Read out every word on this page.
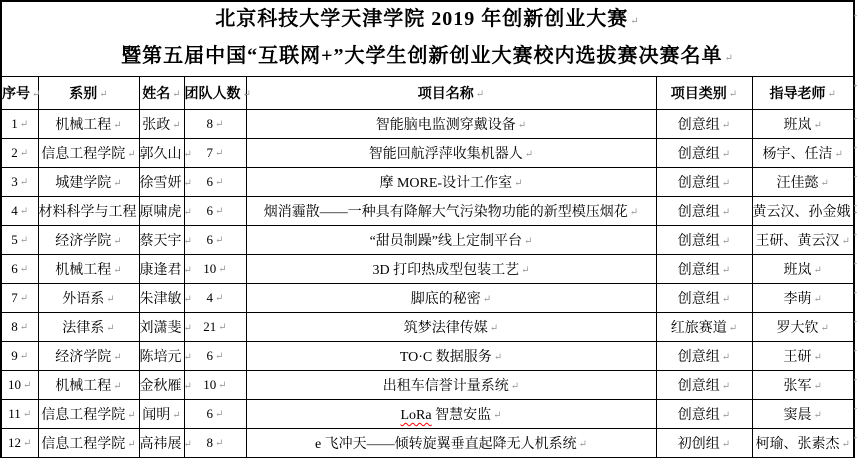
北京科技大学天津学院 2019 年创新创业大赛 ↵
暨第五届中国“互联网+”大学生创新创业大赛校内选拔赛决赛名单 ↵
↵
序号 ↵	系别 ↵	姓名 ↵	团队人数 ↵	项目名称 ↵	项目类别 ↵	指导老师 ↵ ↵
1 ↵	机械工程 ↵	张政 ↵	8 ↵	智能脑电监测穿戴设备 ↵	创意组 ↵	班岚 ↵ ↵
2 ↵	信息工程学院 ↵	郭久山 ↵	7 ↵	智能回航浮萍收集机器人 ↵	创意组 ↵	杨宇、任洁 ↵ ↵
3 ↵	城建学院 ↵	徐雪妍 ↵	6 ↵	摩 MORE-设计工作室 ↵	创意组 ↵	汪佳懿 ↵ ↵
4 ↵	材料科学与工程 ↵	原啸虎 ↵	6 ↵	烟消霾散——一种具有降解大气污染物功能的新型模压烟花 ↵	创意组 ↵	黄云汉、孙金娥 ↵ ↵
5 ↵	经济学院 ↵	蔡天宇 ↵	6 ↵	“甜员制躁”线上定制平台 ↵	创意组 ↵	王研、黄云汉 ↵ ↵
6 ↵	机械工程 ↵	康逢君 ↵	10 ↵	3D 打印热成型包装工艺 ↵	创意组 ↵	班岚 ↵ ↵
7 ↵	外语系 ↵	朱津敏 ↵	4 ↵	脚底的秘密 ↵	创意组 ↵	李萌 ↵ ↵
8 ↵	法律系 ↵	刘潇斐 ↵	21 ↵	筑梦法律传媒 ↵	红旅赛道 ↵	罗大钦 ↵ ↵
9 ↵	经济学院 ↵	陈培元 ↵	6 ↵	TO·C 数据服务 ↵	创意组 ↵	王研 ↵ ↵
10 ↵	机械工程 ↵	金秋雁 ↵	10 ↵	出租车信誉计量系统 ↵	创意组 ↵	张军 ↵ ↵
11 ↵	信息工程学院 ↵	闻明 ↵	6 ↵	LoRa 智慧安监 ↵	创意组 ↵	窦晨 ↵ ↵
12 ↵	信息工程学院 ↵	高祎展 ↵	8 ↵	e 飞冲天——倾转旋翼垂直起降无人机系统 ↵	初创组 ↵	柯瑜、张素杰 ↵ ↵
